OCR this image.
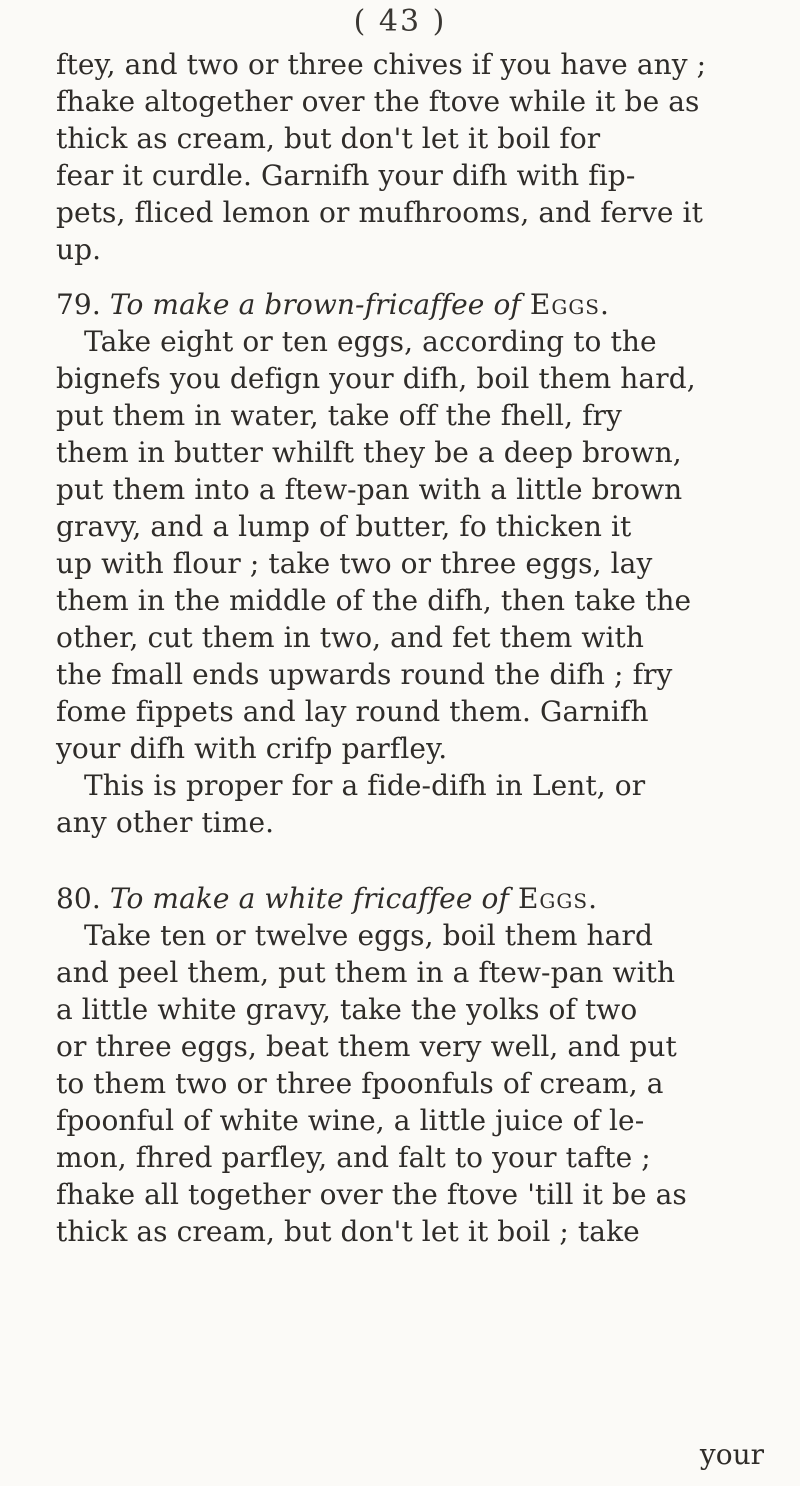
( 43 )
ftey, and two or three chives if you have any ;
fhake altogether over the ftove while it be as
thick as cream, but don't let it boil for
fear it curdle. Garnifh your difh with fip-
pets, fliced lemon or mufhrooms, and ferve it
up.
79. To make a brown-fricaffee of Eggs.
Take eight or ten eggs, according to the
bignefs you defign your difh, boil them hard,
put them in water, take off the fhell, fry
them in butter whilft they be a deep brown,
put them into a ftew-pan with a little brown
gravy, and a lump of butter, fo thicken it
up with flour ; take two or three eggs, lay
them in the middle of the difh, then take the
other, cut them in two, and fet them with
the fmall ends upwards round the difh ; fry
fome fippets and lay round them. Garnifh
your difh with crifp parfley.
This is proper for a fide-difh in Lent, or
any other time.
80. To make a white fricaffee of Eggs.
Take ten or twelve eggs, boil them hard
and peel them, put them in a ftew-pan with
a little white gravy, take the yolks of two
or three eggs, beat them very well, and put
to them two or three fpoonfuls of cream, a
fpoonful of white wine, a little juice of le-
mon, fhred parfley, and falt to your tafte ;
fhake all together over the ftove 'till it be as
thick as cream, but don't let it boil ; take
your
